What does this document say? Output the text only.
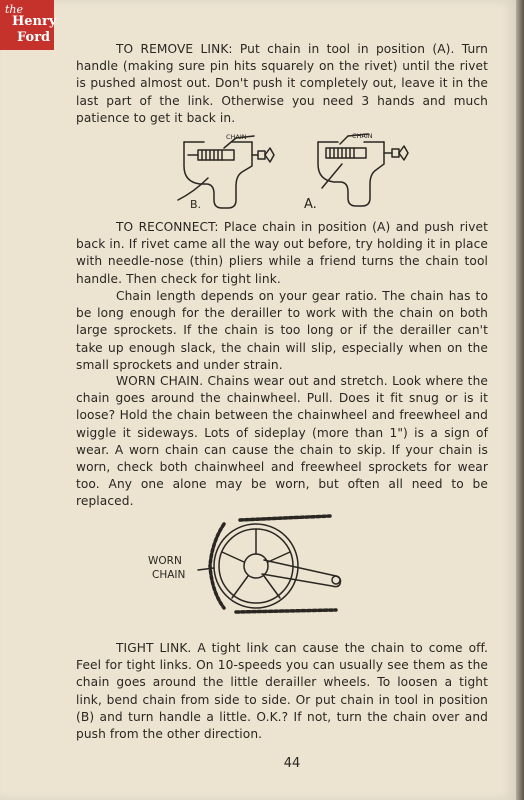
the
Henry
Ford

TO REMOVE LINK: Put chain in tool in position (A). Turn handle (making sure pin hits squarely on the rivet) until the rivet is pushed almost out. Don't push it completely out, leave it in the last part of the link. Otherwise you need 3 hands and much patience to get it back in.

CHAIN	CHAIN
B.	A.

TO RECONNECT: Place chain in position (A) and push rivet back in. If rivet came all the way out before, try holding it in place with needle-nose (thin) pliers while a friend turns the chain tool handle. Then check for tight link.

Chain length depends on your gear ratio. The chain has to be long enough for the derailler to work with the chain on both large sprockets. If the chain is too long or if the derailler can't take up enough slack, the chain will slip, especially when on the small sprockets and under strain.

WORN CHAIN. Chains wear out and stretch. Look where the chain goes around the chainwheel. Pull. Does it fit snug or is it loose? Hold the chain between the chainwheel and freewheel and wiggle it sideways. Lots of sideplay (more than 1") is a sign of wear. A worn chain can cause the chain to skip. If your chain is worn, check both chainwheel and freewheel sprockets for wear too. Any one alone may be worn, but often all need to be replaced.

WORN
CHAIN

TIGHT LINK. A tight link can cause the chain to come off. Feel for tight links. On 10-speeds you can usually see them as the chain goes around the little derailler wheels. To loosen a tight link, bend chain from side to side. Or put chain in tool in position (B) and turn handle a little. O.K.? If not, turn the chain over and push from the other direction.

44
